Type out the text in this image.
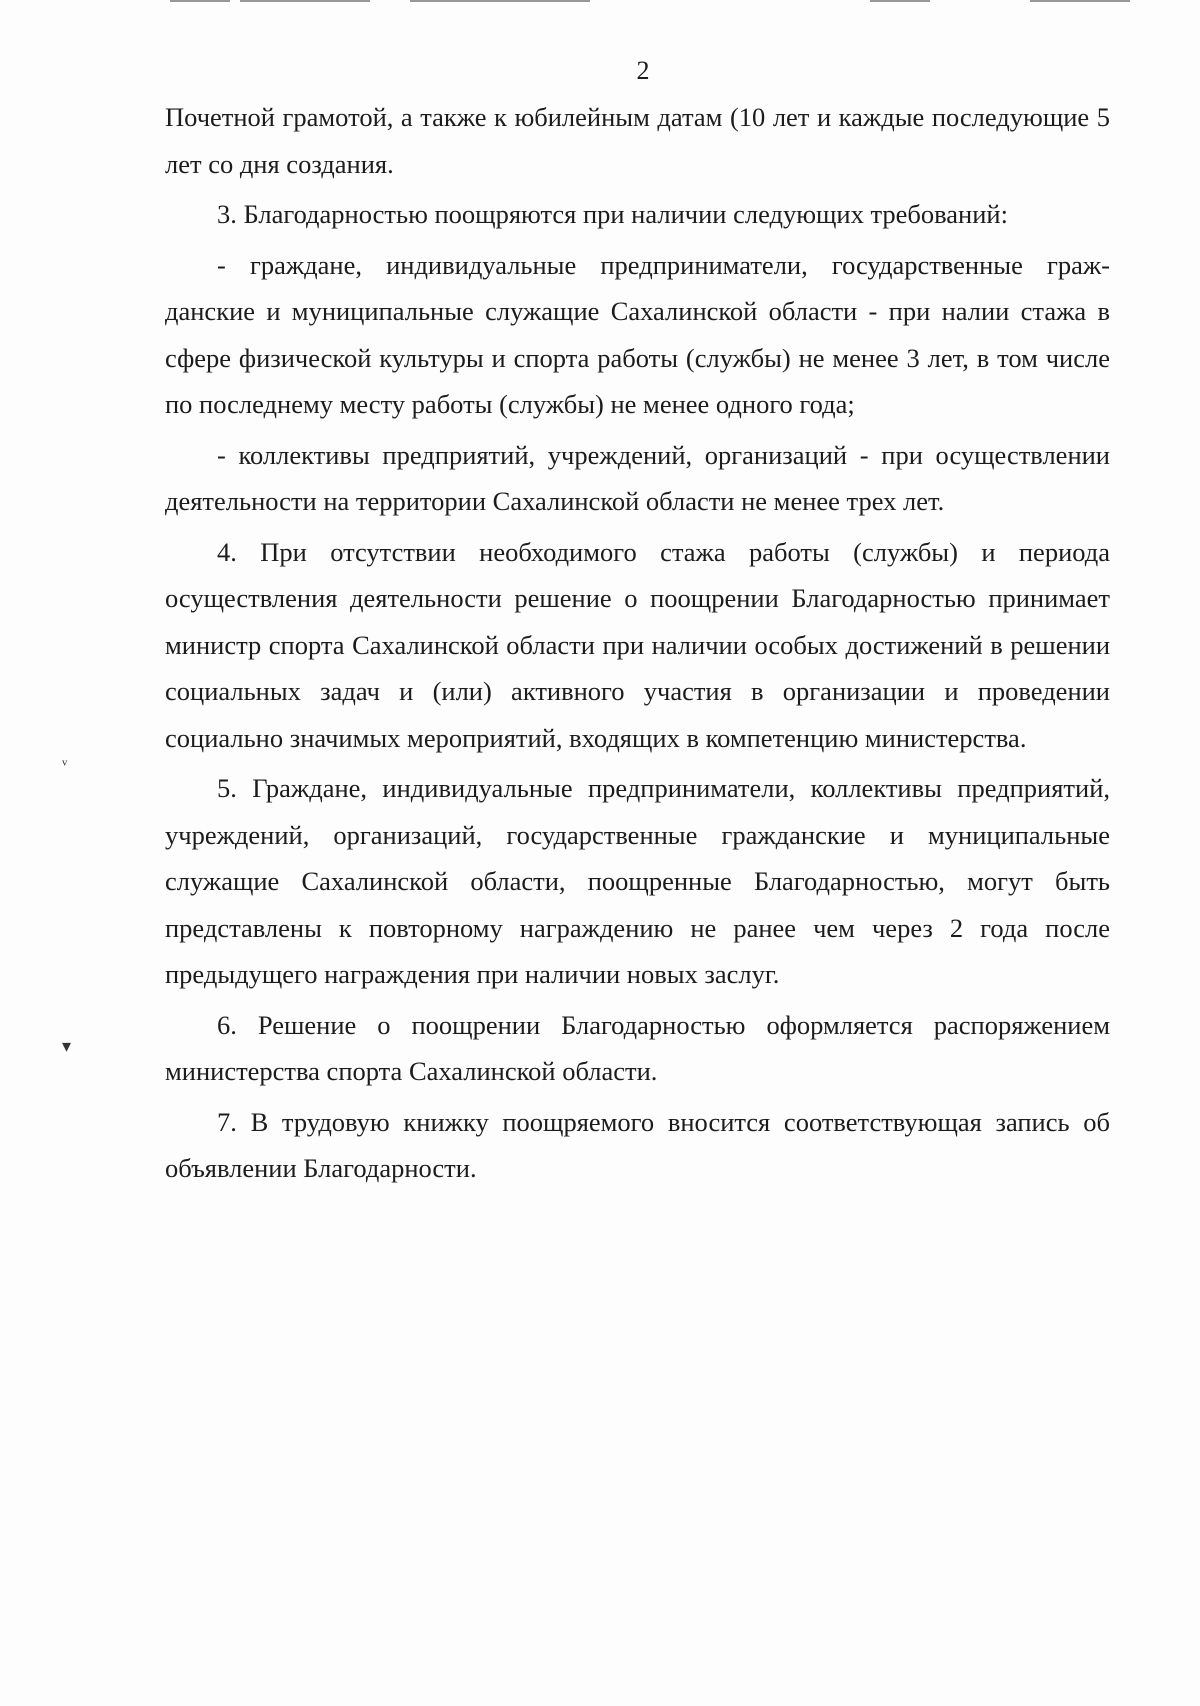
2

Почетной грамотой, а также к юбилейным датам (10 лет и каждые последующие 5 лет со дня создания.

3. Благодарностью поощряются при наличии следующих требований:

- граждане, индивидуальные предприниматели, государственные граж-данские и муниципальные служащие Сахалинской области - при налии стажа в сфере физической культуры и спорта работы (службы) не менее 3 лет, в том числе по последнему месту работы (службы) не менее одного года;

- коллективы предприятий, учреждений, организаций - при осуществлении деятельности на территории Сахалинской области не менее трех лет.

4. При отсутствии необходимого стажа работы (службы) и периода осуществления деятельности решение о поощрении Благодарностью принимает министр спорта Сахалинской области при наличии особых достижений в решении социальных задач и (или) активного участия в организации и проведении социально значимых мероприятий, входящих в компетенцию министерства.

5. Граждане, индивидуальные предприниматели, коллективы предприятий, учреждений, организаций, государственные гражданские и муниципальные служащие Сахалинской области, поощренные Благодарностью, могут быть представлены к повторному награждению не ранее чем через 2 года после предыдущего награждения при наличии новых заслуг.

6. Решение о поощрении Благодарностью оформляется распоряжением министерства спорта Сахалинской области.

7. В трудовую книжку поощряемого вносится соответствующая запись об объявлении Благодарности.

ᵥ
▾
